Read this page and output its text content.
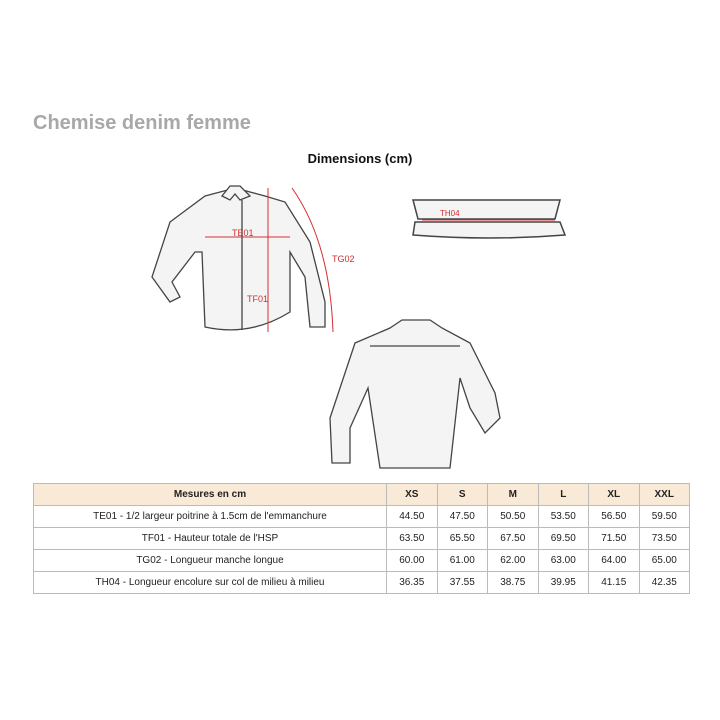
Chemise denim femme
Dimensions (cm)
TE01
TF01
TG02
TH04
Mesures en cm	XS	S	M	L	XL	XXL
TE01 - 1/2 largeur poitrine à 1.5cm de l'emmanchure	44.50	47.50	50.50	53.50	56.50	59.50
TF01 - Hauteur totale de l'HSP	63.50	65.50	67.50	69.50	71.50	73.50
TG02 - Longueur manche longue	60.00	61.00	62.00	63.00	64.00	65.00
TH04 - Longueur encolure sur col de milieu à milieu	36.35	37.55	38.75	39.95	41.15	42.35
